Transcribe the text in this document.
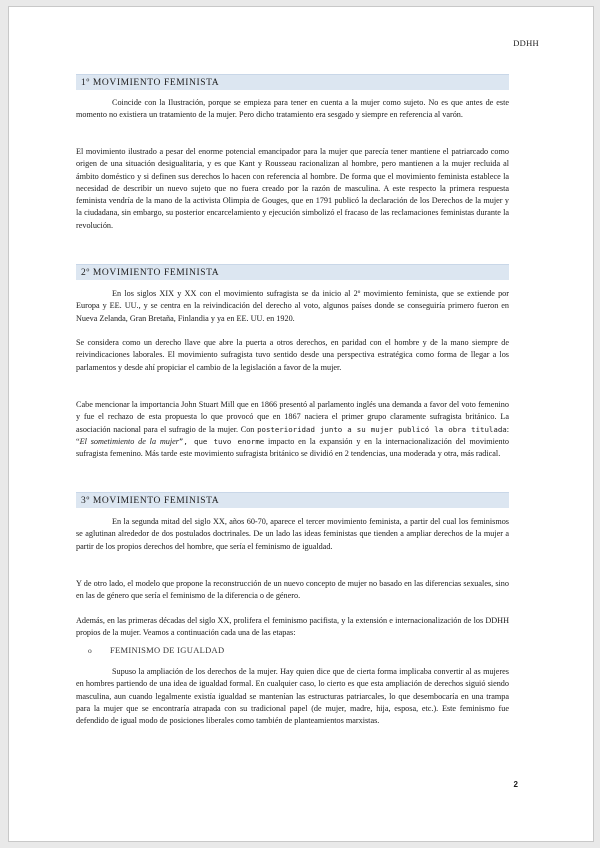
DDHH
1º MOVIMIENTO FEMINISTA

Coincide con la Ilustración, porque se empieza para tener en cuenta a la mujer como sujeto. No es que antes de este momento no existiera un tratamiento de la mujer. Pero dicho tratamiento era sesgado y siempre en referencia al varón.

El movimiento ilustrado a pesar del enorme potencial emancipador para la mujer que parecía tener mantiene el patriarcado como origen de una situación desigualitaria, y es que Kant y Rousseau racionalizan al hombre, pero mantienen a la mujer recluida al ámbito doméstico y si definen sus derechos lo hacen con referencia al hombre. De forma que el movimiento feminista establece la necesidad de describir un nuevo sujeto que no fuera creado por la razón de masculina. A este respecto la primera respuesta feminista vendría de la mano de la activista Olimpia de Gouges, que en 1791 publicó la declaración de los Derechos de la mujer y la ciudadana, sin embargo, su posterior encarcelamiento y ejecución simbolizó el fracaso de las reclamaciones feministas durante la revolución.

2º MOVIMIENTO FEMINISTA

En los siglos XIX y XX con el movimiento sufragista se da inicio al 2º movimiento feminista, que se extiende por Europa y EE. UU., y se centra en la reivindicación del derecho al voto, algunos países donde se conseguiría primero fueron en Nueva Zelanda, Gran Bretaña, Finlandia y ya en EE. UU. en 1920.

Se considera como un derecho llave que abre la puerta a otros derechos, en paridad con el hombre y de la mano siempre de reivindicaciones laborales. El movimiento sufragista tuvo sentido desde una perspectiva estratégica como forma de llegar a los parlamentos y desde ahí propiciar el cambio de la legislación a favor de la mujer.

Cabe mencionar la importancia John Stuart Mill que en 1866 presentó al parlamento inglés una demanda a favor del voto femenino y fue el rechazo de esta propuesta lo que provocó que en 1867 naciera el primer grupo claramente sufragista británico. La asociación nacional para el sufragio de la mujer. Con posterioridad junto a su mujer publicó la obra titulada: “El sometimiento de la mujer”, que tuvo enorme impacto en la expansión y en la internacionalización del movimiento sufragista femenino. Más tarde este movimiento sufragista británico se dividió en 2 tendencias, una moderada y otra, más radical.

3º MOVIMIENTO FEMINISTA

En la segunda mitad del siglo XX, años 60-70, aparece el tercer movimiento feminista, a partir del cual los feminismos se aglutinan alrededor de dos postulados doctrinales. De un lado las ideas feministas que tienden a ampliar derechos de la mujer a partir de los propios derechos del hombre, que sería el feminismo de igualdad.

Y de otro lado, el modelo que propone la reconstrucción de un nuevo concepto de mujer no basado en las diferencias sexuales, sino en las de género que sería el feminismo de la diferencia o de género.

Además, en las primeras décadas del siglo XX, prolifera el feminismo pacifista, y la extensión e internacionalización de los DDHH propios de la mujer. Veamos a continuación cada una de las etapas:

o FEMINISMO DE IGUALDAD

Supuso la ampliación de los derechos de la mujer. Hay quien dice que de cierta forma implicaba convertir al as mujeres en hombres partiendo de una idea de igualdad formal. En cualquier caso, lo cierto es que esta ampliación de derechos siguió siendo masculina, aun cuando legalmente existía igualdad se mantenían las estructuras patriarcales, lo que desembocaría en una trampa para la mujer que se encontraría atrapada con su tradicional papel (de mujer, madre, hija, esposa, etc.). Este feminismo fue defendido de igual modo de posiciones liberales como también de planteamientos marxistas.

2
